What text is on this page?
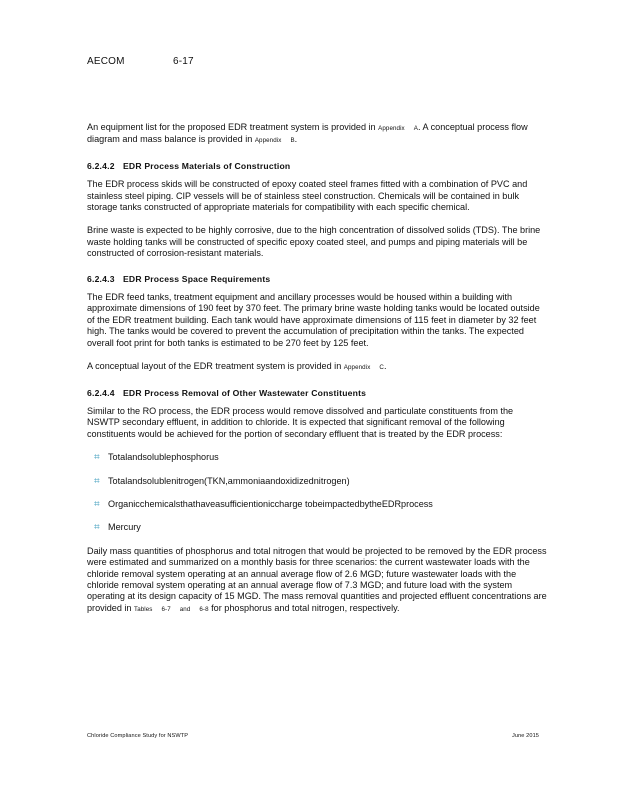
AECOM	6-17

An equipment list for the proposed EDR treatment system is provided in Appendix A. A conceptual process flow diagram and mass balance is provided in Appendix B.

6.2.4.2 EDR Process Materials of Construction

The EDR process skids will be constructed of epoxy coated steel frames fitted with a combination of PVC and stainless steel piping. CIP vessels will be of stainless steel construction. Chemicals will be contained in bulk storage tanks constructed of appropriate materials for compatibility with each specific chemical.

Brine waste is expected to be highly corrosive, due to the high concentration of dissolved solids (TDS). The brine waste holding tanks will be constructed of specific epoxy coated steel, and pumps and piping materials will be constructed of corrosion-resistant materials.

6.2.4.3 EDR Process Space Requirements

The EDR feed tanks, treatment equipment and ancillary processes would be housed within a building with approximate dimensions of 190 feet by 370 feet. The primary brine waste holding tanks would be located outside of the EDR treatment building. Each tank would have approximate dimensions of 115 feet in diameter by 32 feet high. The tanks would be covered to prevent the accumulation of precipitation within the tanks. The expected overall foot print for both tanks is estimated to be 270 feet by 125 feet.

A conceptual layout of the EDR treatment system is provided in Appendix C.

6.2.4.4 EDR Process Removal of Other Wastewater Constituents

Similar to the RO process, the EDR process would remove dissolved and particulate constituents from the NSWTP secondary effluent, in addition to chloride. It is expected that significant removal of the following constituents would be achieved for the portion of secondary effluent that is treated by the EDR process:

⌗ Totalandsolublephosphorus
⌗ Totalandsolublenitrogen(TKN,ammoniaandoxidizednitrogen)
⌗ Organicchemicalsthathaveasufficientionicchar​ge tobeimpactedbytheEDRprocess
⌗ Mercury

Daily mass quantities of phosphorus and total nitrogen that would be projected to be removed by the EDR process were estimated and summarized on a monthly basis for three scenarios: the current wastewater loads with the chloride removal system operating at an annual average flow of 2.6 MGD; future wastewater loads with the chloride removal system operating at an annual average flow of 7.3 MGD; and future load with the system operating at its design capacity of 15 MGD. The mass removal quantities and projected effluent concentrations are provided in Tables 6-7 and 6-8 for phosphorus and total nitrogen, respectively.

Chloride Compliance Study for NSWTP	June 2015
